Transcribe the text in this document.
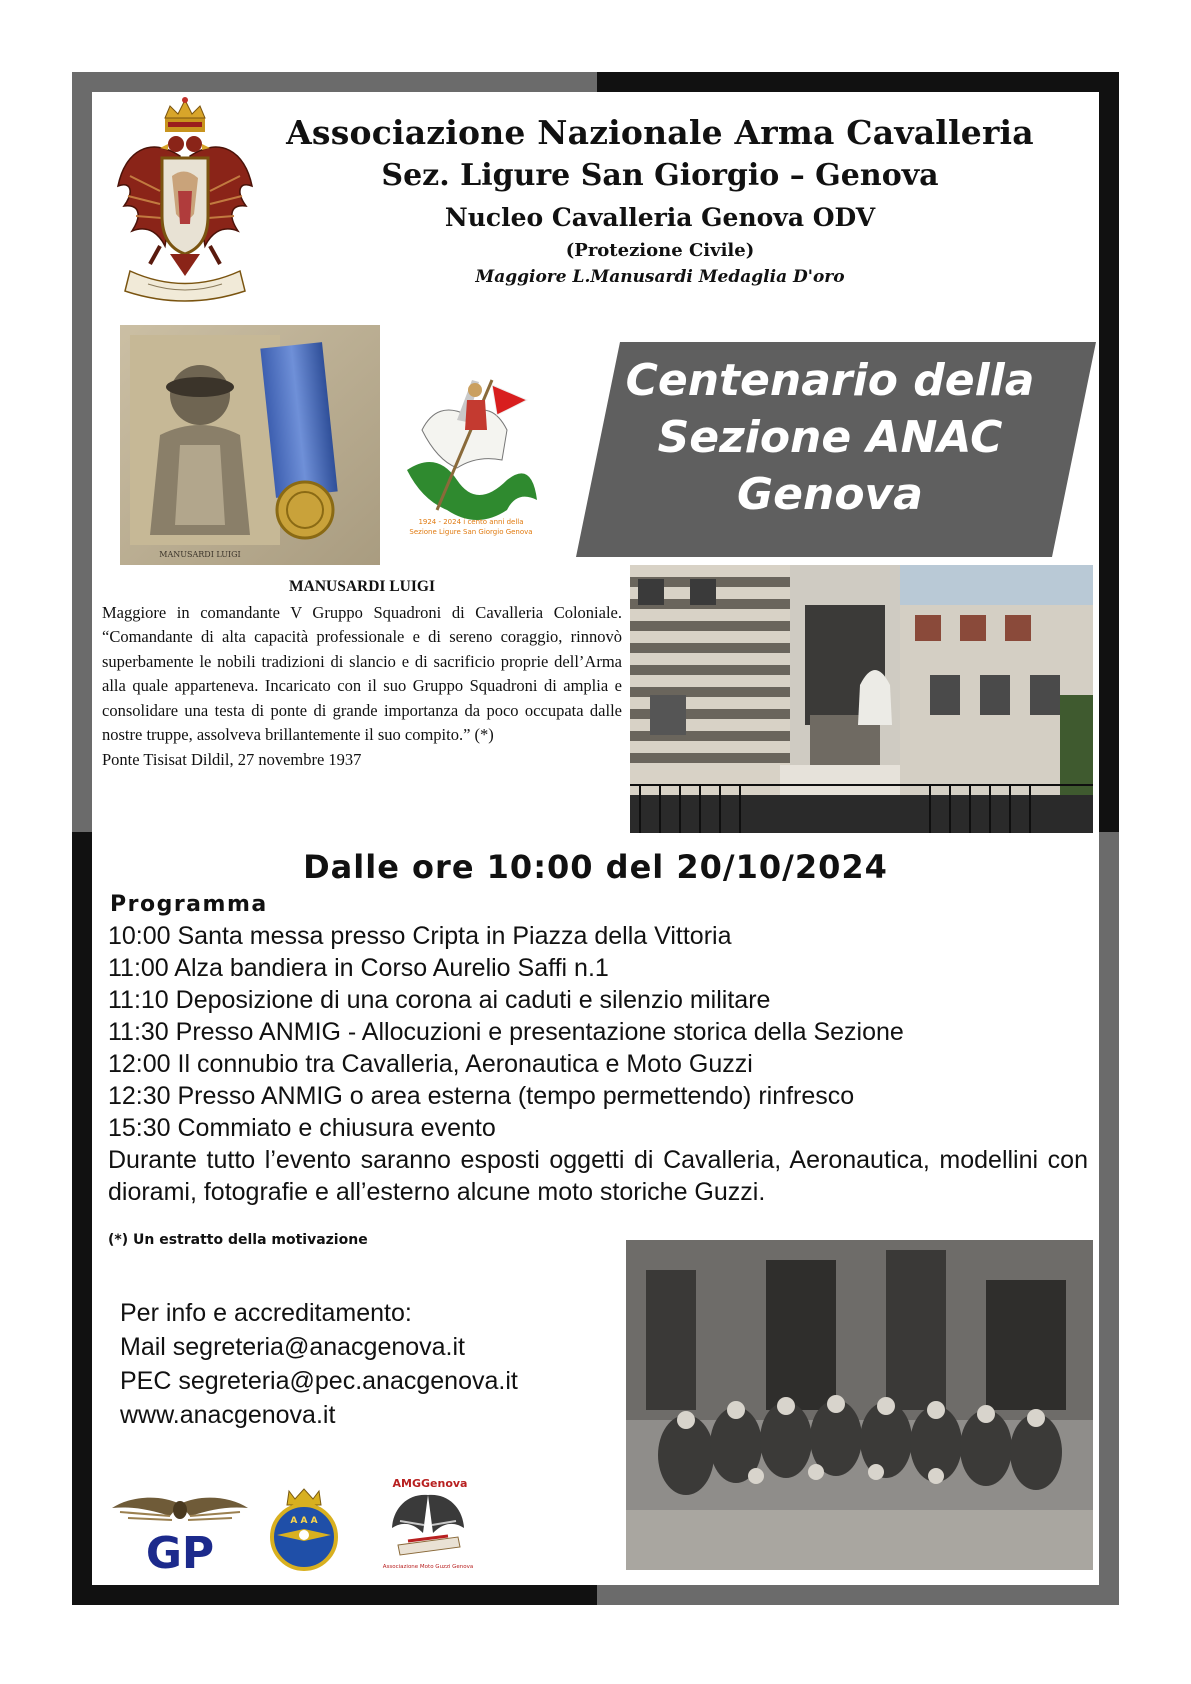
Associazione Nazionale Arma Cavalleria
Sez. Ligure San Giorgio – Genova
Nucleo Cavalleria Genova ODV
(Protezione Civile)
Maggiore L.Manusardi Medaglia D'oro
MANUSARDI LUIGI
1924 - 2024 i cento anni della
Sezione Ligure San Giorgio Genova
Centenario della
Sezione ANAC
Genova
MANUSARDI LUIGI
Maggiore in comandante V Gruppo Squadroni di Cavalleria Coloniale. “Comandante di alta capacità professionale e di sereno coraggio, rinnovò superbamente le nobili tradizioni di slancio e di sacrificio proprie dell’Arma alla quale apparteneva. Incaricato con il suo Gruppo Squadroni di amplia e consolidare una testa di ponte di grande importanza da poco occupata dalle nostre truppe, assolveva brillantemente il suo compito.” (*)
Ponte Tisisat Dildil, 27 novembre 1937
Dalle ore 10:00 del 20/10/2024
Programma
10:00 Santa messa presso Cripta in Piazza della Vittoria
11:00 Alza bandiera in Corso Aurelio Saffi n.1
11:10 Deposizione di una corona ai caduti e silenzio militare
11:30 Presso ANMIG - Allocuzioni e presentazione storica della Sezione
12:00 Il connubio tra Cavalleria, Aeronautica e Moto Guzzi
12:30 Presso ANMIG o area esterna (tempo permettendo) rinfresco
15:30 Commiato e chiusura evento
Durante tutto l’evento saranno esposti oggetti di Cavalleria, Aeronautica, modellini con diorami, fotografie e all’esterno alcune moto storiche Guzzi.
(*) Un estratto della motivazione
Per info e accreditamento:
Mail segreteria@anacgenova.it
PEC segreteria@pec.anacgenova.it
www.anacgenova.it
GP
A A A
AMGGenova
Associazione Moto Guzzi Genova
